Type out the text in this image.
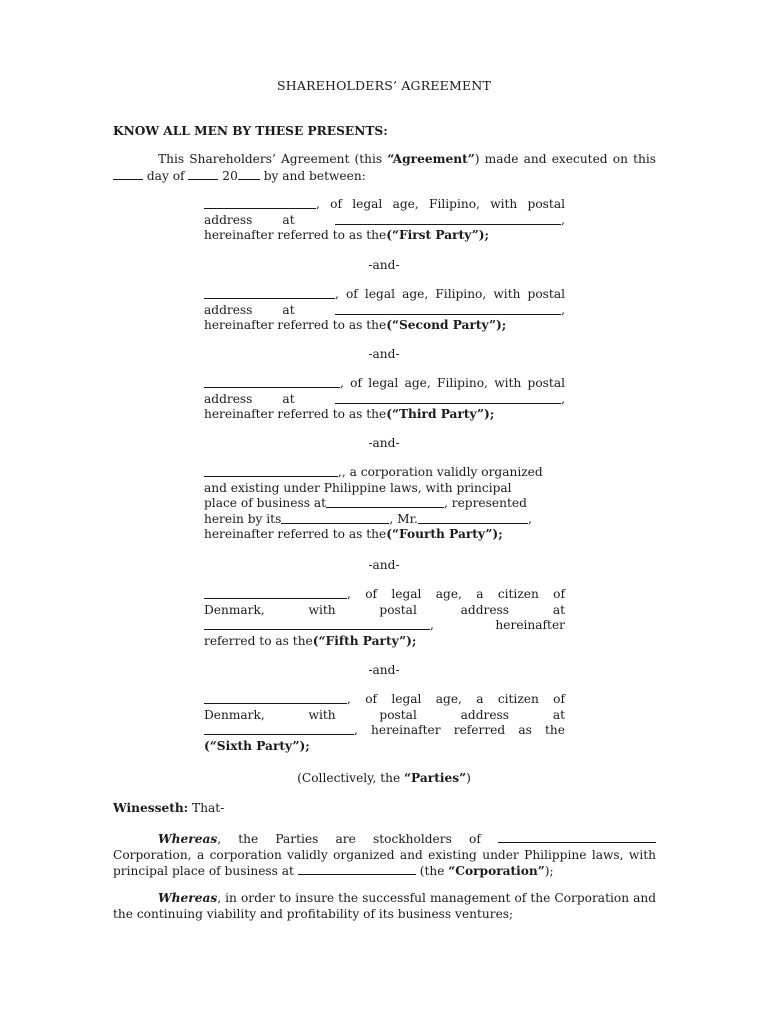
SHAREHOLDERS’ AGREEMENT
KNOW ALL MEN BY THESE PRESENTS:
This Shareholders’ Agreement (this “Agreement”) made and executed on this  day of  20 by and between:
, of legal age, Filipino, with postal
address at	,
hereinafter referred to as the (“First Party”);
-and-
, of legal age, Filipino, with postal
address at	,
hereinafter referred to as the (“Second Party”);
-and-
, of legal age, Filipino, with postal
address at	,
hereinafter referred to as the (“Third Party”);
-and-
,, a corporation validly organized
and existing under Philippine laws, with principal
place of business at	, represented
herein by its	, Mr.	,
hereinafter referred to as the (“Fourth Party”);
-and-
, of legal age, a citizen of
Denmark, with postal address at
, hereinafter
referred to as the (“Fifth Party”);
-and-
, of legal age, a citizen of
Denmark, with postal address at
, hereinafter referred as the
(“Sixth Party”);
(Collectively, the “Parties”)
Winesseth: That-
Whereas, the Parties are stockholders of  Corporation, a corporation validly organized and existing under Philippine laws, with principal place of business at	(the “Corporation”);
Whereas, in order to insure the successful management of the Corporation and the continuing viability and profitability of its business ventures;
